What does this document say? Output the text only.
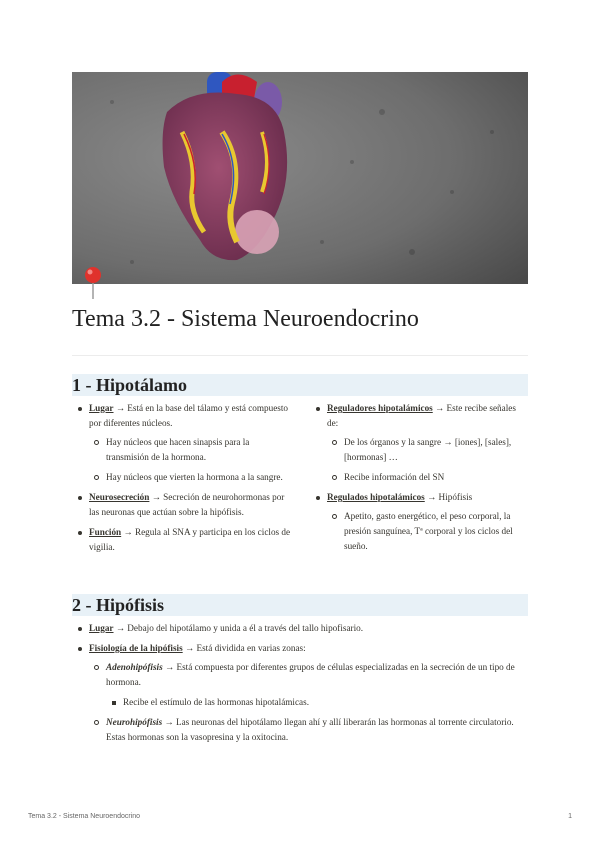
Tema 3.2 - Sistema Neuroendocrino
1 - Hipotálamo
Lugar → Está en la base del tálamo y está compuesto por diferentes núcleos.
Hay núcleos que hacen sinapsis para la transmisión de la hormona.
Hay núcleos que vierten la hormona a la sangre.
Neurosecreción → Secreción de neurohormonas por las neuronas que actúan sobre la hipófisis.
Función → Regula al SNA y participa en los ciclos de vigilia.
Reguladores hipotalámicos → Este recibe señales de:
De los órganos y la sangre → [iones], [sales], [hormonas] …
Recibe información del SN
Regulados hipotalámicos → Hipófisis
Apetito, gasto energético, el peso corporal, la presión sanguínea, Tª corporal y los ciclos del sueño.
2 - Hipófisis
Lugar → Debajo del hipotálamo y unida a él a través del tallo hipofisario.
Fisiología de la hipófisis → Está dividida en varias zonas:
Adenohipófisis → Está compuesta por diferentes grupos de células especializadas en la secreción de un tipo de hormona.
Recibe el estímulo de las hormonas hipotalámicas.
Neurohipófisis → Las neuronas del hipotálamo llegan ahí y allí liberarán las hormonas al torrente circulatorio. Estas hormonas son la vasopresina y la oxitocina.
Tema 3.2 - Sistema Neuroendocrino	1
